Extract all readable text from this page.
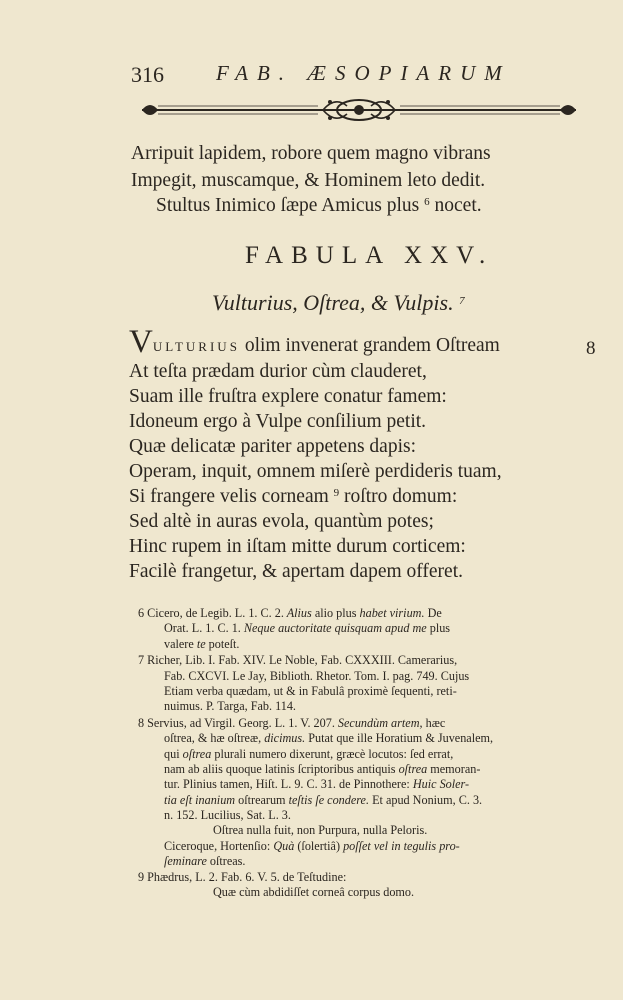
316 FAB. ÆSOPIARUM
Arripuit lapidem, robore quem magno vibrans
Impegit, muscamque, & Hominem leto dedit.
Stultus Inimico ſæpe Amicus plus $^6$ nocet.
FABULA XXV.
Vulturius, Oſtrea, & Vulpis. $^7$
VULTURIUS olim invenerat grandem Oſtream	8
At teſta prædam durior cùm clauderet,
Suam ille fruſtra explere conatur famem:
Idoneum ergo à Vulpe conſilium petit.
Quæ delicatæ pariter appetens dapis:
Operam, inquit, omnem miſerè perdideris tuam,
Si frangere velis corneam $^9$ roſtro domum:
Sed altè in auras evola, quantùm potes;
Hinc rupem in iſtam mitte durum corticem:
Facilè frangetur, & apertam dapem offeret.
6 Cicero, de Legib. L. 1. C. 2. Alius alio plus habet virium. De
Orat. L. 1. C. 1. Neque auctoritate quisquam apud me plus
valere te poteſt.
7 Richer, Lib. I. Fab. XIV. Le Noble, Fab. CXXXIII. Camerarius,
Fab. CXCVI. Le Jay, Biblioth. Rhetor. Tom. I. pag. 749. Cujus
Etiam verba quædam, ut & in Fabulâ proximè ſequenti, reti-
nuimus. P. Targa, Fab. 114.
8 Servius, ad Virgil. Georg. L. 1. V. 207. Secundùm artem, hæc
oſtrea, & hæ oſtreæ, dicimus. Putat que ille Horatium & Juvenalem,
qui oſtrea plurali numero dixerunt, græcè locutos: ſed errat,
nam ab aliis quoque latinis ſcriptoribus antiquis oſtrea memoran-
tur. Plinius tamen, Hiſt. L. 9. C. 31. de Pinnothere: Huic Soler-
tia eſt inanium oſtrearum teſtis ſe condere. Et apud Nonium, C. 3.
n. 152. Lucilius, Sat. L. 3.
Oſtrea nulla fuit, non Purpura, nulla Peloris.
Ciceroque, Hortenſio: Quà (ſolertiâ) poſſet vel in tegulis pro-
ſeminare oſtreas.
9 Phædrus, L. 2. Fab. 6. V. 5. de Teſtudine:
Quæ cùm abdidiſſet corneâ corpus domo.
